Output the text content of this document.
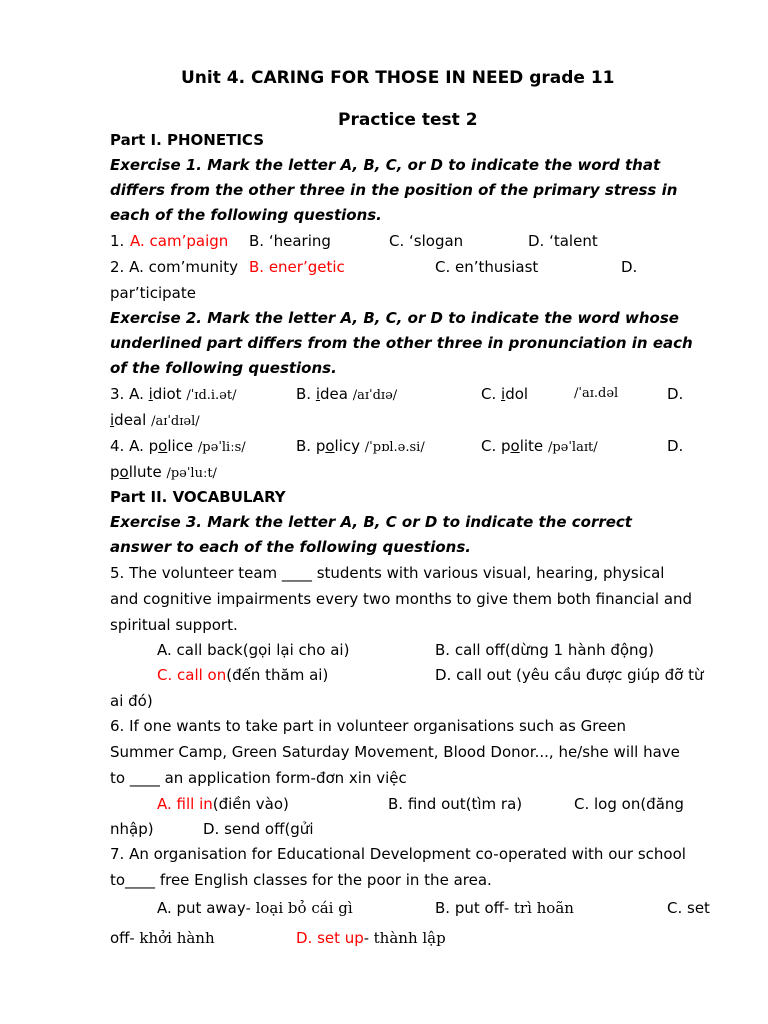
Unit 4. CARING FOR THOSE IN NEED grade 11
Practice test 2
Part I. PHONETICS
Exercise 1. Mark the letter A, B, C, or D to indicate the word that
differs from the other three in the position of the primary stress in
each of the following questions.
1. A. cam’paign B. ‘hearing	C. ‘slogan	D. ‘talent
2. A. com’munity B. ener’getic	C. en’thusiast	D.
par’ticipate
Exercise 2. Mark the letter A, B, C, or D to indicate the word whose
underlined part differs from the other three in pronunciation in each
of the following questions.
3. A. idiot /ˈɪd.i.ət/	B. idea /aɪˈdɪə/	C. idol	/ˈaɪ.dəl	D.
ideal /aɪˈdɪəl/
4. A. police /pəˈliːs/	B. policy /ˈpɒl.ə.si/	C. polite /pəˈlaɪt/	D.
pollute /pəˈluːt/
Part II. VOCABULARY
Exercise 3. Mark the letter A, B, C or D to indicate the correct
answer to each of the following questions.
5. The volunteer team ____ students with various visual, hearing, physical
and cognitive impairments every two months to give them both financial and
spiritual support.
A. call back(gọi lại cho ai)	B. call off(dừng 1 hành động)
C. call on(đến thăm ai)	D. call out (yêu cầu được giúp đỡ từ
ai đó)
6. If one wants to take part in volunteer organisations such as Green
Summer Camp, Green Saturday Movement, Blood Donor..., he/she will have
to ____ an application form-đơn xin việc
A. fill in(điền vào)	B. find out(tìm ra)	C. log on(đăng
nhập)	D. send off(gửi
7. An organisation for Educational Development co-operated with our school
to____ free English classes for the poor in the area.
A. put away- loại bỏ cái gì	B. put off- trì hoãn	C. set
off- khởi hành	D. set up- thành lập
